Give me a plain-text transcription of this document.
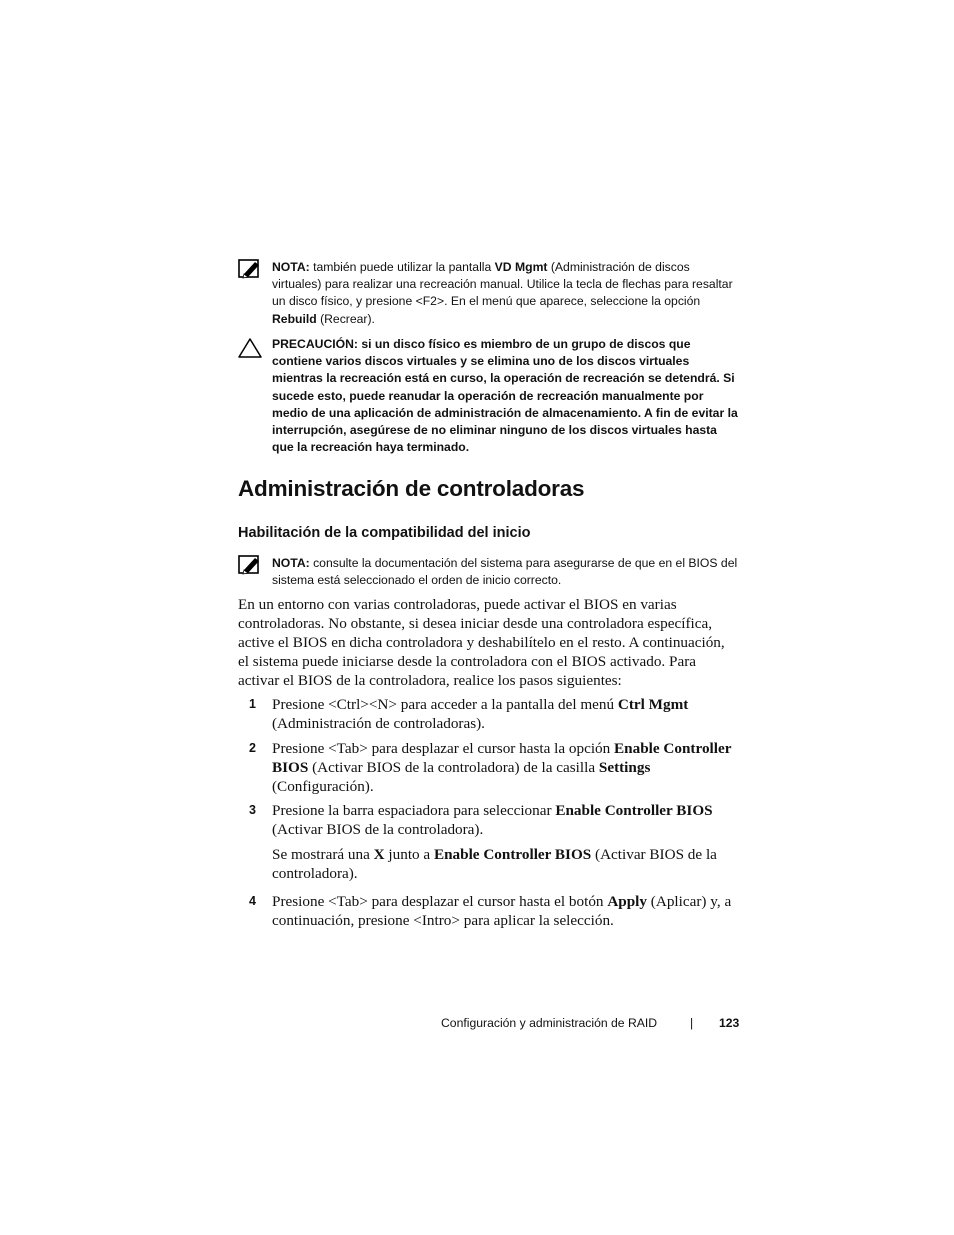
NOTA: también puede utilizar la pantalla VD Mgmt (Administración de discos virtuales) para realizar una recreación manual. Utilice la tecla de flechas para resaltar un disco físico, y presione <F2>. En el menú que aparece, seleccione la opción Rebuild (Recrear).
PRECAUCIÓN: si un disco físico es miembro de un grupo de discos que contiene varios discos virtuales y se elimina uno de los discos virtuales mientras la recreación está en curso, la operación de recreación se detendrá. Si sucede esto, puede reanudar la operación de recreación manualmente por medio de una aplicación de administración de almacenamiento. A fin de evitar la interrupción, asegúrese de no eliminar ninguno de los discos virtuales hasta que la recreación haya terminado.
Administración de controladoras
Habilitación de la compatibilidad del inicio
NOTA: consulte la documentación del sistema para asegurarse de que en el BIOS del sistema está seleccionado el orden de inicio correcto.

En un entorno con varias controladoras, puede activar el BIOS en varias controladoras. No obstante, si desea iniciar desde una controladora específica, active el BIOS en dicha controladora y deshabilítelo en el resto. A continuación, el sistema puede iniciarse desde la controladora con el BIOS activado. Para activar el BIOS de la controladora, realice los pasos siguientes:

1 Presione <Ctrl><N> para acceder a la pantalla del menú Ctrl Mgmt (Administración de controladoras).
2 Presione <Tab> para desplazar el cursor hasta la opción Enable Controller BIOS (Activar BIOS de la controladora) de la casilla Settings (Configuración).
3 Presione la barra espaciadora para seleccionar Enable Controller BIOS (Activar BIOS de la controladora).
Se mostrará una X junto a Enable Controller BIOS (Activar BIOS de la controladora).
4 Presione <Tab> para desplazar el cursor hasta el botón Apply (Aplicar) y, a continuación, presione <Intro> para aplicar la selección.
Configuración y administración de RAID	| 123
